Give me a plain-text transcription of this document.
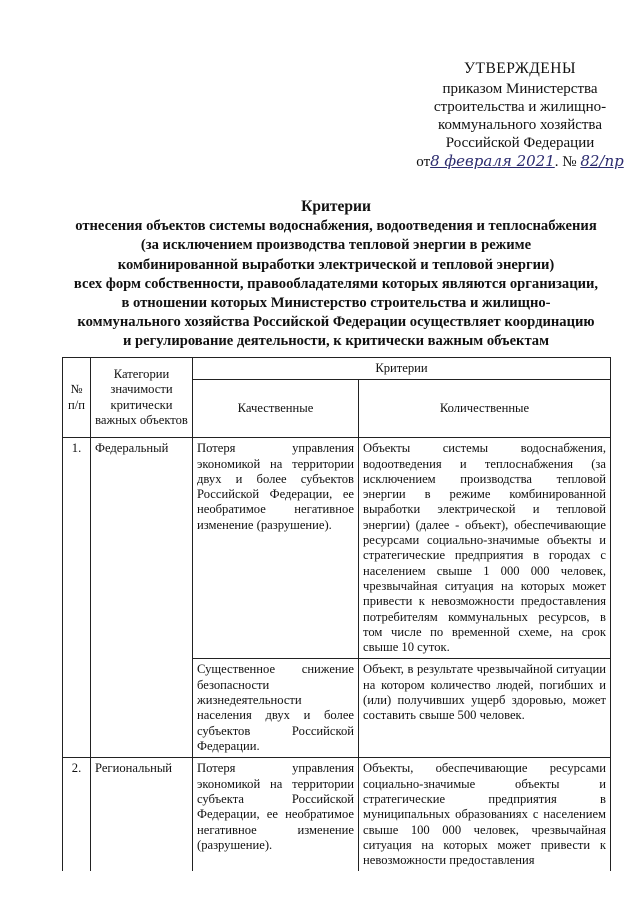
УТВЕРЖДЕНЫ
приказом Министерства
строительства и жилищно-
коммунального хозяйства
Российской Федерации
от8 февраля 2021. № 82/пр
Критерии
отнесения объектов системы водоснабжения, водоотведения и теплоснабжения
(за исключением производства тепловой энергии в режиме
комбинированной выработки электрической и тепловой энергии)
всех форм собственности, правообладателями которых являются организации,
в отношении которых Министерство строительства и жилищно-
коммунального хозяйства Российской Федерации осуществляет координацию
и регулирование деятельности, к критически важным объектам
№ п/п	Категории значимости критически важных объектов	Критерии	
		Качественные	Количественные
1.	Федеральный	Потеря управления экономикой на территории двух и более субъектов Российской Федерации, ее необратимое негативное изменение (разрушение).	Объекты системы водоснабжения, водоотведения и теплоснабжения (за исключением производства тепловой энергии в режиме комбинированной выработки электрической и тепловой энергии) (далее - объект), обеспечивающие ресурсами социально-значимые объекты и стратегические предприятия в городах с населением свыше 1 000 000 человек, чрезвычайная ситуация на которых может привести к невозможности предоставления потребителям коммунальных ресурсов, в том числе по временной схеме, на срок свыше 10 суток.
		Существенное снижение безопасности жизнедеятельности населения двух и более субъектов Российской Федерации.	Объект, в результате чрезвычайной ситуации на котором количество людей, погибших и (или) получивших ущерб здоровью, может составить свыше 500 человек.
2.	Региональный	Потеря управления экономикой на территории субъекта Российской Федерации, ее необратимое негативное изменение (разрушение).	Объекты, обеспечивающие ресурсами социально-значимые объекты и стратегические предприятия в муниципальных образованиях с населением свыше 100 000 человек, чрезвычайная ситуация на которых может привести к невозможности предоставления
